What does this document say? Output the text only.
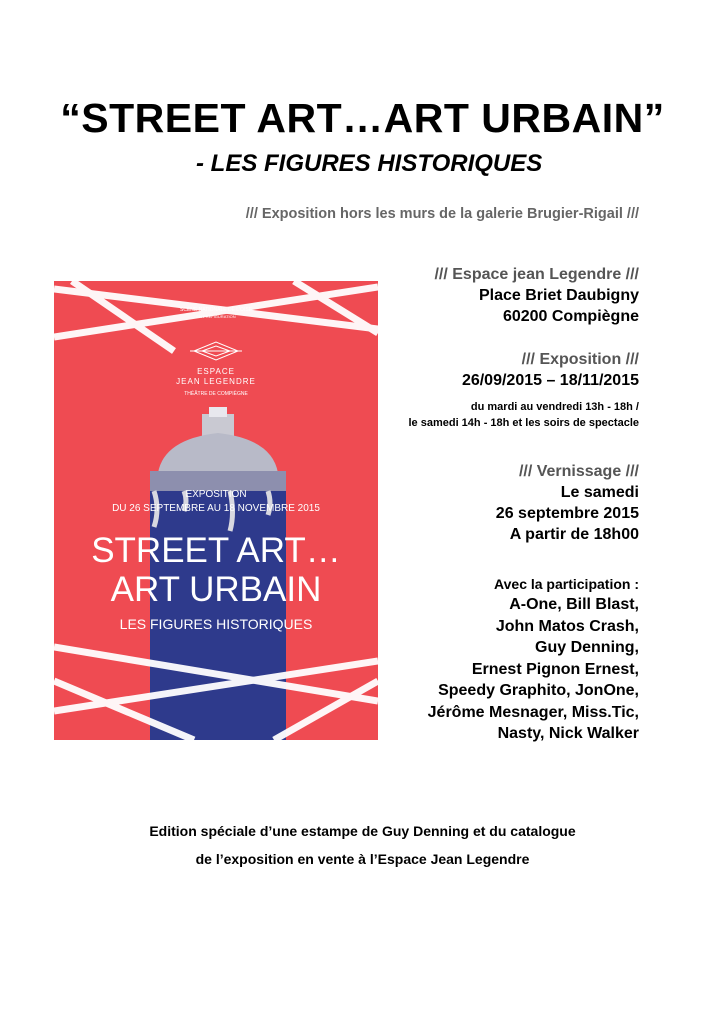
“STREET ART…ART URBAIN”
- LES FIGURES HISTORIQUES
/// Exposition hors les murs de la galerie Brugier-Rigail ///
SCÈNE NATIONALE DE L'OISE
EN PRÉFIGURATION
ESPACE
JEAN LEGENDRE
THÉÂTRE DE COMPIÈGNE
EXPOSITION
DU 26 SEPTEMBRE AU 18 NOVEMBRE 2015
STREET ART…
ART URBAIN
LES FIGURES HISTORIQUES
/// Espace jean Legendre ///
Place Briet Daubigny
60200 Compiègne
/// Exposition ///
26/09/2015 – 18/11/2015
du mardi au vendredi 13h - 18h /
le samedi 14h - 18h et les soirs de spectacle
/// Vernissage ///
Le samedi
26 septembre 2015
A partir de 18h00
Avec la participation :
A-One, Bill Blast,
John Matos Crash,
Guy Denning,
Ernest Pignon Ernest,
Speedy Graphito, JonOne,
Jérôme Mesnager, Miss.Tic,
Nasty, Nick Walker
Edition spéciale d’une estampe de Guy Denning et du catalogue
de l’exposition en vente à l’Espace Jean Legendre
